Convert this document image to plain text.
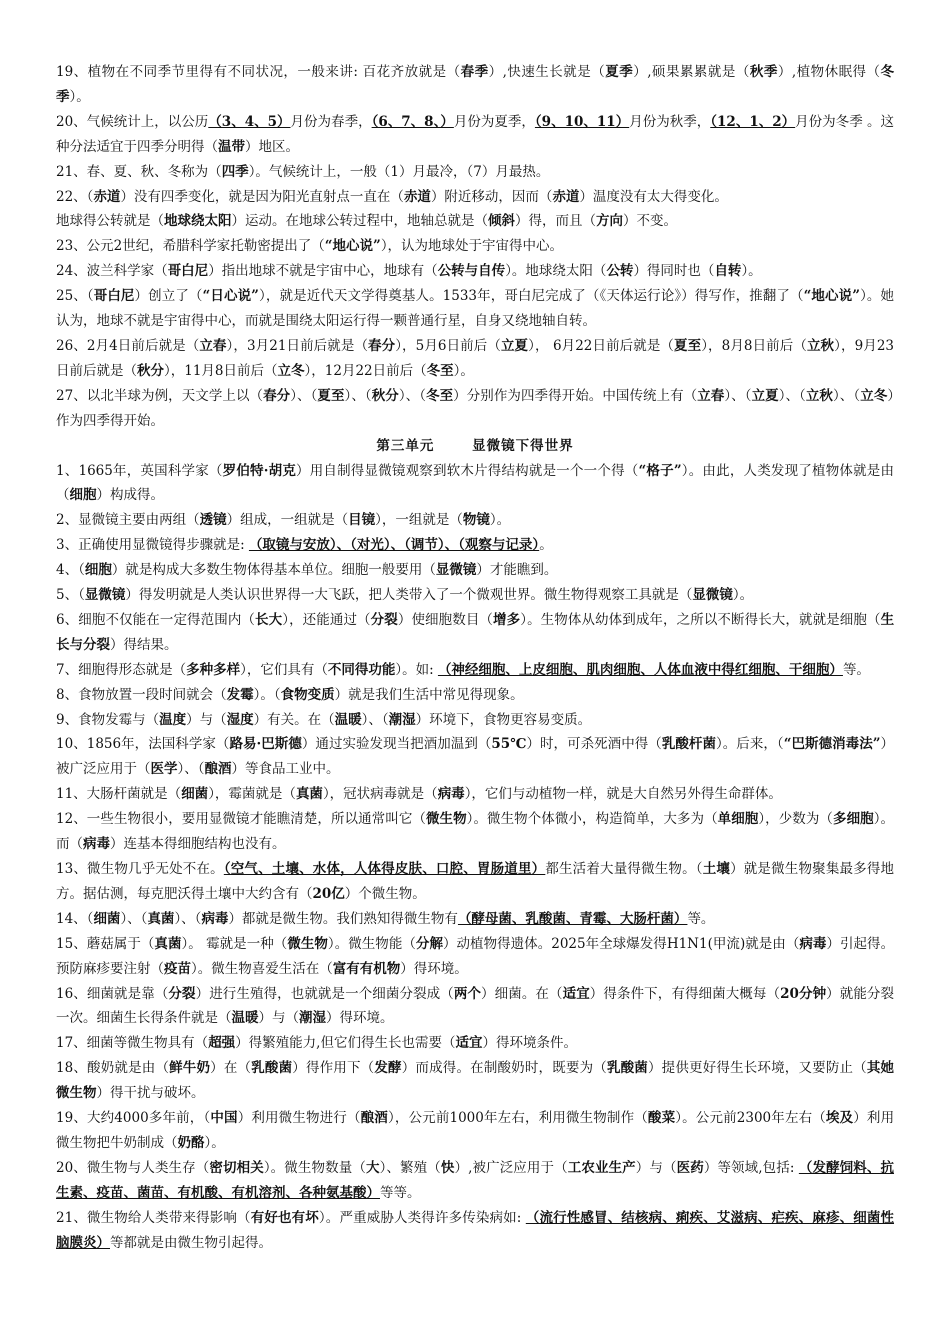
19、植物在不同季节里得有不同状况，一般来讲: 百花齐放就是（春季）,快速生长就是（夏季）,硕果累累就是（秋季）,植物休眠得（冬季）。
20、气候统计上，以公历（3、4、5）月份为春季，（6、7、8、）月份为夏季，（9、10、11）月份为秋季，（12、1、2）月份为冬季 。这种分法适宜于四季分明得（温带）地区。
21、春、夏、秋、冬称为（四季）。气候统计上，一般（1）月最冷，（7）月最热。
22、（赤道）没有四季变化，就是因为阳光直射点一直在（赤道）附近移动，因而（赤道）温度没有太大得变化。
地球得公转就是（地球绕太阳）运动。在地球公转过程中，地轴总就是（倾斜）得，而且（方向）不变。
23、公元2世纪，希腊科学家托勒密提出了（“地心说”），认为地球处于宇宙得中心。
24、波兰科学家（哥白尼）指出地球不就是宇宙中心，地球有（公转与自传）。地球绕太阳（公转）得同时也（自转）。
25、（哥白尼）创立了（“日心说”），就是近代天文学得奠基人。1533年，哥白尼完成了（《天体运行论》）得写作，推翻了（“地心说”）。她认为，地球不就是宇宙得中心，而就是围绕太阳运行得一颗普通行星，自身又绕地轴自转。
26、2月4日前后就是（立春），3月21日前后就是（春分），5月6日前后（立夏）， 6月22日前后就是（夏至），8月8日前后（立秋），9月23日前后就是（秋分），11月8日前后（立冬），12月22日前后（冬至）。
27、以北半球为例，天文学上以（春分）、（夏至）、（秋分）、（冬至）分别作为四季得开始。中国传统上有（立春）、（立夏）、（立秋）、（立冬）作为四季得开始。
第三单元	显微镜下得世界
1、1665年，英国科学家（罗伯特·胡克）用自制得显微镜观察到软木片得结构就是一个一个得（“格子”）。由此，人类发现了植物体就是由（细胞）构成得。
2、显微镜主要由两组（透镜）组成，一组就是（目镜），一组就是（物镜）。
3、正确使用显微镜得步骤就是: （取镜与安放）、（对光）、（调节）、（观察与记录）。
4、（细胞）就是构成大多数生物体得基本单位。细胞一般要用（显微镜）才能瞧到。
5、（显微镜）得发明就是人类认识世界得一大飞跃，把人类带入了一个微观世界。微生物得观察工具就是（显微镜）。
6、细胞不仅能在一定得范围内（长大），还能通过（分裂）使细胞数目（增多）。生物体从幼体到成年，之所以不断得长大，就就是细胞（生长与分裂）得结果。
7、细胞得形态就是（多种多样），它们具有（不同得功能）。如: （神经细胞、上皮细胞、肌肉细胞、人体血液中得红细胞、干细胞）等。
8、食物放置一段时间就会（发霉）。（食物变质）就是我们生活中常见得现象。
9、食物发霉与（温度）与（湿度）有关。在（温暖）、（潮湿）环境下，食物更容易变质。
10、1856年，法国科学家（路易·巴斯德）通过实验发现当把酒加温到（55℃）时，可杀死酒中得（乳酸杆菌）。后来，（“巴斯德消毒法”）被广泛应用于（医学）、（酿酒）等食品工业中。
11、大肠杆菌就是（细菌），霉菌就是（真菌），冠状病毒就是（病毒），它们与动植物一样，就是大自然另外得生命群体。
12、一些生物很小，要用显微镜才能瞧清楚，所以通常叫它（微生物）。微生物个体微小，构造简单，大多为（单细胞），少数为（多细胞）。而（病毒）连基本得细胞结构也没有。
13、微生物几乎无处不在。（空气、土壤、水体，人体得皮肤、口腔、胃肠道里）都生活着大量得微生物。（土壤）就是微生物聚集最多得地方。据估测，每克肥沃得土壤中大约含有（20亿）个微生物。
14、（细菌）、（真菌）、（病毒）都就是微生物。我们熟知得微生物有（酵母菌、乳酸菌、青霉、大肠杆菌）等。
15、蘑菇属于（真菌）。 霉就是一种（微生物）。微生物能（分解）动植物得遗体。2025年全球爆发得H1N1(甲流)就是由（病毒）引起得。预防麻疹要注射（疫苗）。微生物喜爱生活在（富有有机物）得环境。
16、细菌就是靠（分裂）进行生殖得，也就就是一个细菌分裂成（两个）细菌。在（适宜）得条件下，有得细菌大概每（20分钟）就能分裂一次。细菌生长得条件就是（温暖）与（潮湿）得环境。
17、细菌等微生物具有（超强）得繁殖能力,但它们得生长也需要（适宜）得环境条件。
18、酸奶就是由（鲜牛奶）在（乳酸菌）得作用下（发酵）而成得。在制酸奶时，既要为（乳酸菌）提供更好得生长环境，又要防止（其她微生物）得干扰与破坏。
19、大约4000多年前，（中国）利用微生物进行（酿酒），公元前1000年左右，利用微生物制作（酸菜）。公元前2300年左右（埃及）利用微生物把牛奶制成（奶酪）。
20、微生物与人类生存（密切相关）。微生物数量（大）、繁殖（快）,被广泛应用于（工农业生产）与（医药）等领域,包括: （发酵饲料、抗生素、疫苗、菌苗、有机酸、有机溶剂、各种氨基酸）等等。
21、微生物给人类带来得影响（有好也有坏）。严重威胁人类得许多传染病如: （流行性感冒、结核病、痢疾、艾滋病、疟疾、麻疹、细菌性脑膜炎）等都就是由微生物引起得。
